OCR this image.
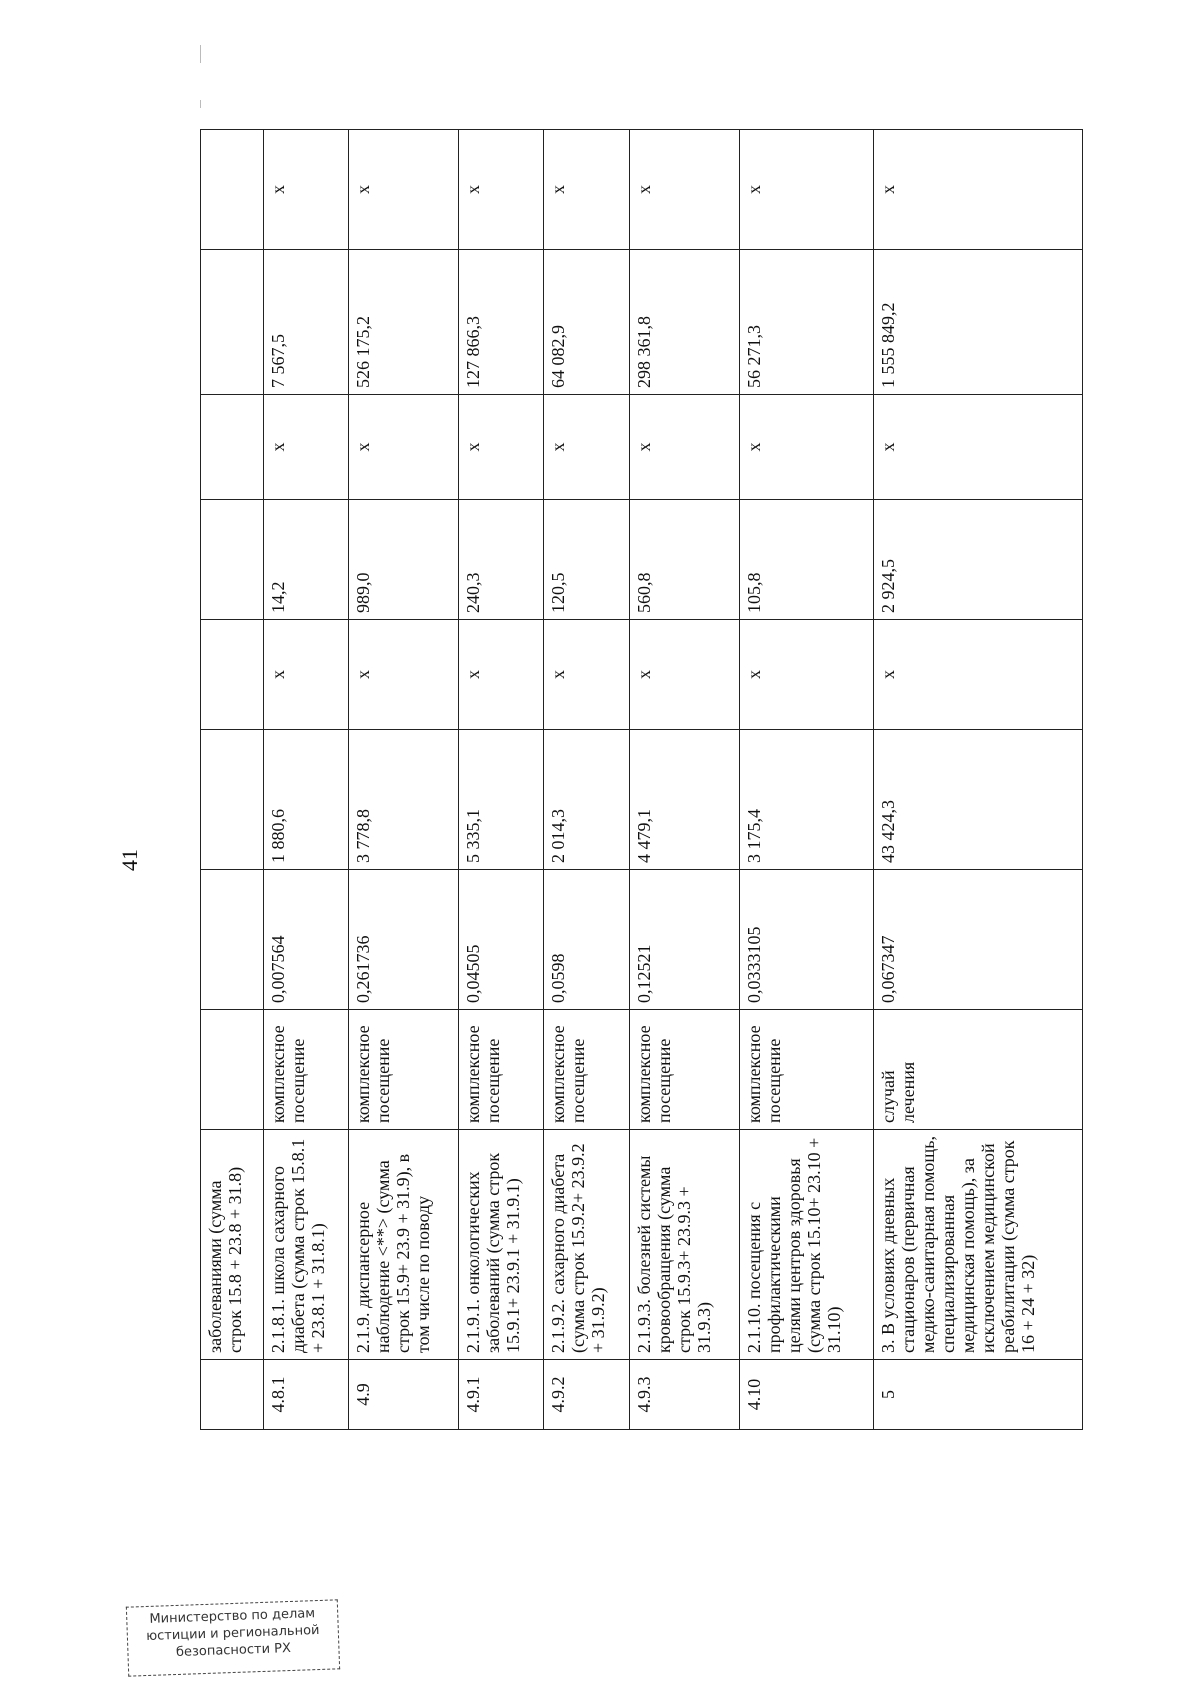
41
	заболеваниями (сумма строк 15.8 + 23.8 + 31.8)								
4.8.1	2.1.8.1. школа сахарного диабета (сумма строк 15.8.1 + 23.8.1 + 31.8.1)	комплексное посещение	0,007564	1 880,6	x	14,2	x	7 567,5	x
4.9	2.1.9. диспансерное наблюдение <**> (сумма строк 15.9+ 23.9 + 31.9), в том числе по поводу	комплексное посещение	0,261736	3 778,8	x	989,0	x	526 175,2	x
4.9.1	2.1.9.1. онкологических заболеваний (сумма строк 15.9.1+ 23.9.1 + 31.9.1)	комплексное посещение	0,04505	5 335,1	x	240,3	x	127 866,3	x
4.9.2	2.1.9.2. сахарного диабета (сумма строк 15.9.2+ 23.9.2 + 31.9.2)	комплексное посещение	0,0598	2 014,3	x	120,5	x	64 082,9	x
4.9.3	2.1.9.3. болезней системы кровообращения (сумма строк 15.9.3+ 23.9.3 + 31.9.3)	комплексное посещение	0,12521	4 479,1	x	560,8	x	298 361,8	x
4.10	2.1.10. посещения с профилактическими целями центров здоровья (сумма строк 15.10+ 23.10 + 31.10)	комплексное посещение	0,0333105	3 175,4	x	105,8	x	56 271,3	x
5	3. В условиях дневных стационаров (первичная медико-санитарная помощь, специализированная медицинская помощь), за исключением медицинской реабилитации (сумма строк 16 + 24 + 32)	случай лечения	0,067347	43 424,3	x	2 924,5	x	1 555 849,2	x
Министерство по делам
юстиции и региональной
безопасности РХ
